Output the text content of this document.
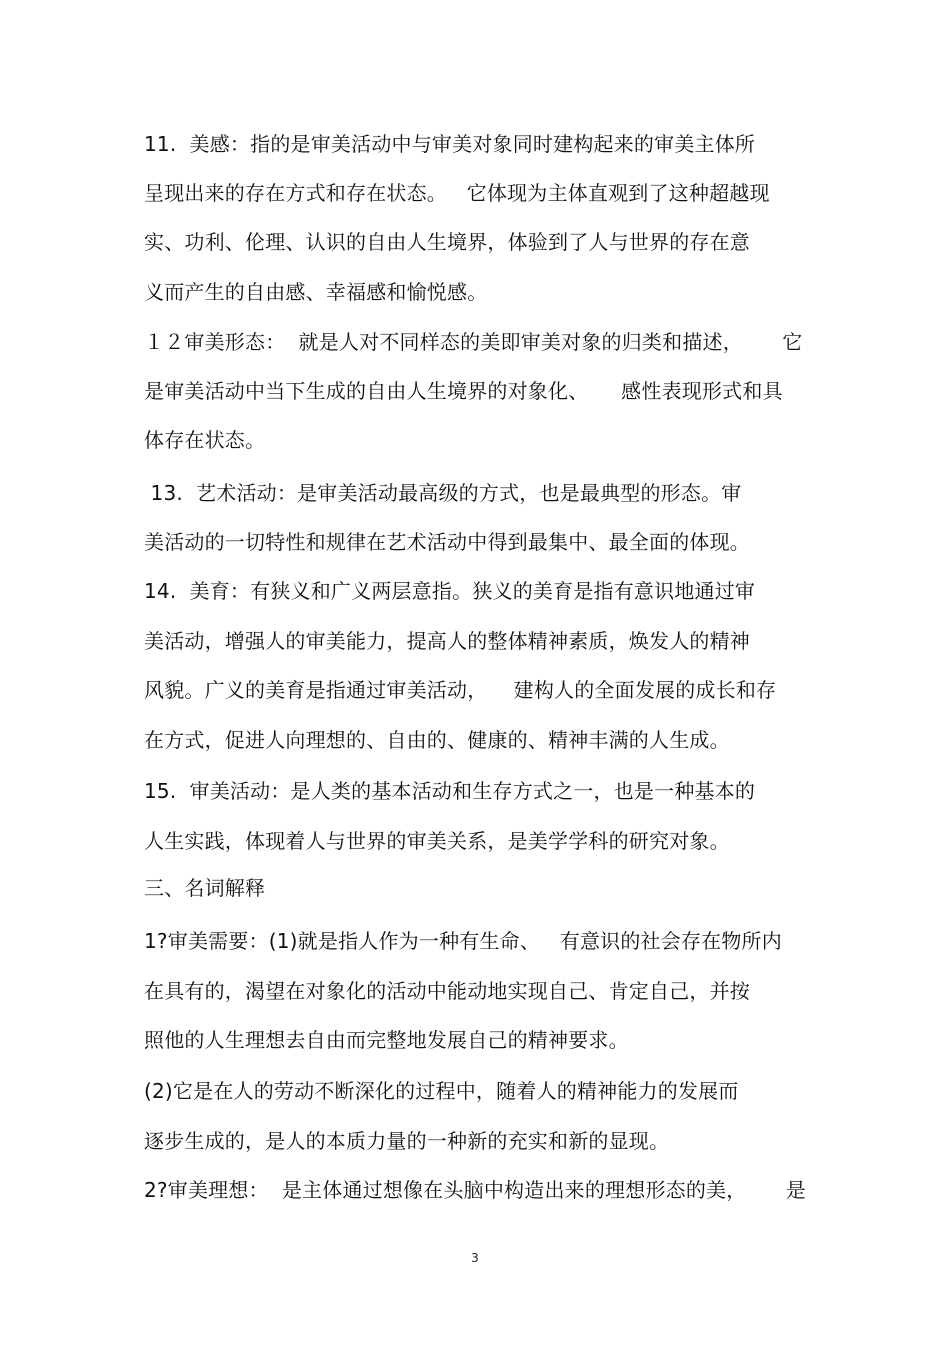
11.  美感：指的是审美活动中与审美对象同时建构起来的审美主体所
呈现出来的存在方式和存在状态。   它体现为主体直观到了这种超越现
实、功利、伦理、认识的自由人生境界，体验到了人与世界的存在意
义而产生的自由感、幸福感和愉悦感。
１２审美形态：  就是人对不同样态的美即审美对象的归类和描述，      它
是审美活动中当下生成的自由人生境界的对象化、     感性表现形式和具
体存在状态。
13.  艺术活动：是审美活动最高级的方式，也是最典型的形态。审
美活动的一切特性和规律在艺术活动中得到最集中、最全面的体现。
14.  美育：有狭义和广义两层意指。狭义的美育是指有意识地通过审
美活动，增强人的审美能力，提高人的整体精神素质，焕发人的精神
风貌。广义的美育是指通过审美活动，    建构人的全面发展的成长和存
在方式，促进人向理想的、自由的、健康的、精神丰满的人生成。
15.  审美活动：是人类的基本活动和生存方式之一，也是一种基本的
人生实践，体现着人与世界的审美关系，是美学学科的研究对象。
三、名词解释
1?审美需要：(1)就是指人作为一种有生命、   有意识的社会存在物所内
在具有的，渴望在对象化的活动中能动地实现自己、肯定自己，并按
照他的人生理想去自由而完整地发展自己的精神要求。
(2)它是在人的劳动不断深化的过程中，随着人的精神能力的发展而
逐步生成的，是人的本质力量的一种新的充实和新的显现。
2?审美理想：  是主体通过想像在头脑中构造出来的理想形态的美，      是
3
